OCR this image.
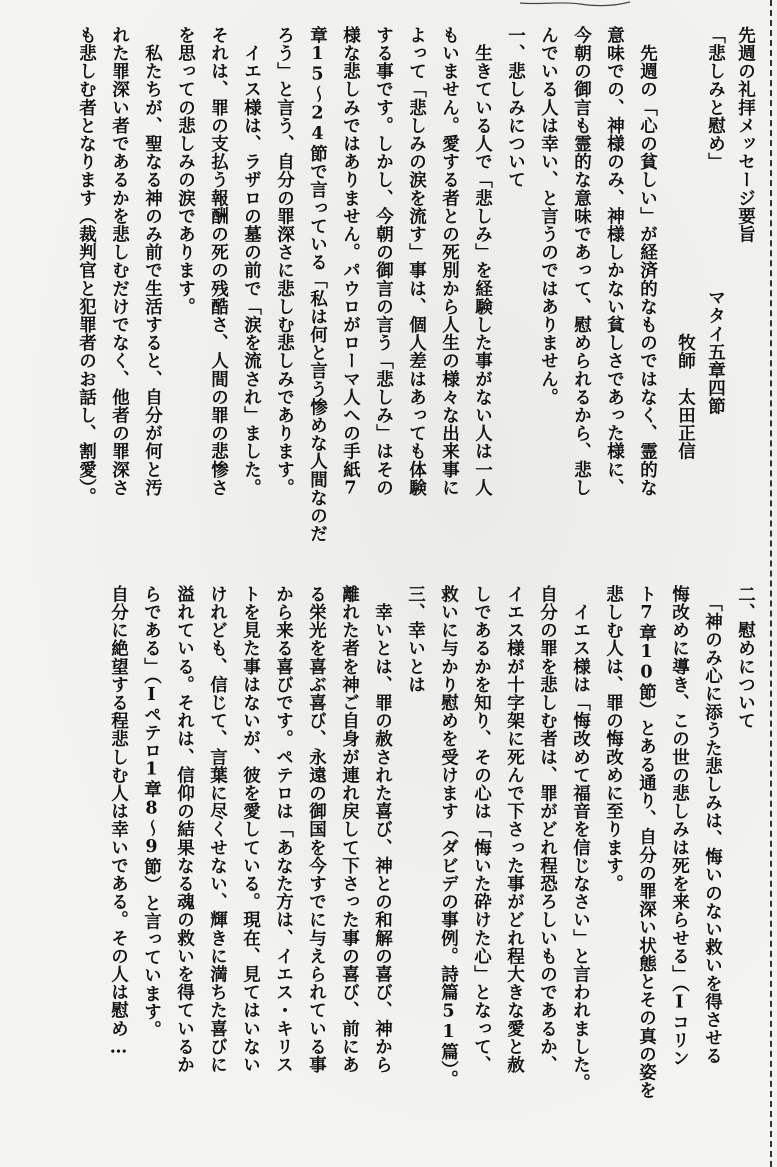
先週の礼拝メッセージ要旨
「悲しみと慰め」　　　　　　　マタイ五章四節
　　　　　　　　　　　　　　　　　牧師　太田正信
　先週の「心の貧しい」が経済的なものではなく、霊的な
意味での、神様のみ、神様しかない貧しさであった様に、
今朝の御言も霊的な意味であって、慰められるから、悲し
んでいる人は幸い、と言うのではありません。
一、悲しみについて
　生きている人で「悲しみ」を経験した事がない人は一人
もいません。愛する者との死別から人生の様々な出来事に
よって「悲しみの涙を流す」事は、個人差はあっても体験
する事です。しかし、今朝の御言の言う「悲しみ」はその
様な悲しみではありません。パウロがローマ人への手紙7
章15～24節で言っている「私は何と言う惨めな人間なのだ
ろう」と言う、自分の罪深さに悲しむ悲しみであります。
　イエス様は、ラザロの墓の前で「涙を流され」ました。
それは、罪の支払う報酬の死の残酷さ、人間の罪の悲惨さ
を思っての悲しみの涙であります。
　私たちが、聖なる神のみ前で生活すると、自分が何と汚
れた罪深い者であるかを悲しむだけでなく、他者の罪深さ
も悲しむ者となります（裁判官と犯罪者のお話し、割愛）。
二、慰めについて
　「神のみ心に添うた悲しみは、悔いのない救いを得させる
悔改めに導き、この世の悲しみは死を来らせる」（Ⅰコリン
ト7章10節）とある通り、自分の罪深い状態とその真の姿を
悲しむ人は、罪の悔改めに至ります。
　イエス様は「悔改めて福音を信じなさい」と言われました。
自分の罪を悲しむ者は、罪がどれ程恐ろしいものであるか、
イエス様が十字架に死んで下さった事がどれ程大きな愛と赦
しであるかを知り、その心は「悔いた砕けた心」となって、
救いに与かり慰めを受けます（ダビデの事例。詩篇51篇）。
三、幸いとは
　幸いとは、罪の赦された喜び、神との和解の喜び、神から
離れた者を神ご自身が連れ戻して下さった事の喜び、前にあ
る栄光を喜ぶ喜び、永遠の御国を今すでに与えられている事
から来る喜びです。ペテロは「あなた方は、イエス・キリス
トを見た事はないが、彼を愛している。現在、見てはいない
けれども、信じて、言葉に尽くせない、輝きに満ちた喜びに
溢れている。それは、信仰の結果なる魂の救いを得ているか
らである」（Ⅰペテロ1章8～9節）と言っています。
自分に絶望する程悲しむ人は幸いである。その人は慰め…
